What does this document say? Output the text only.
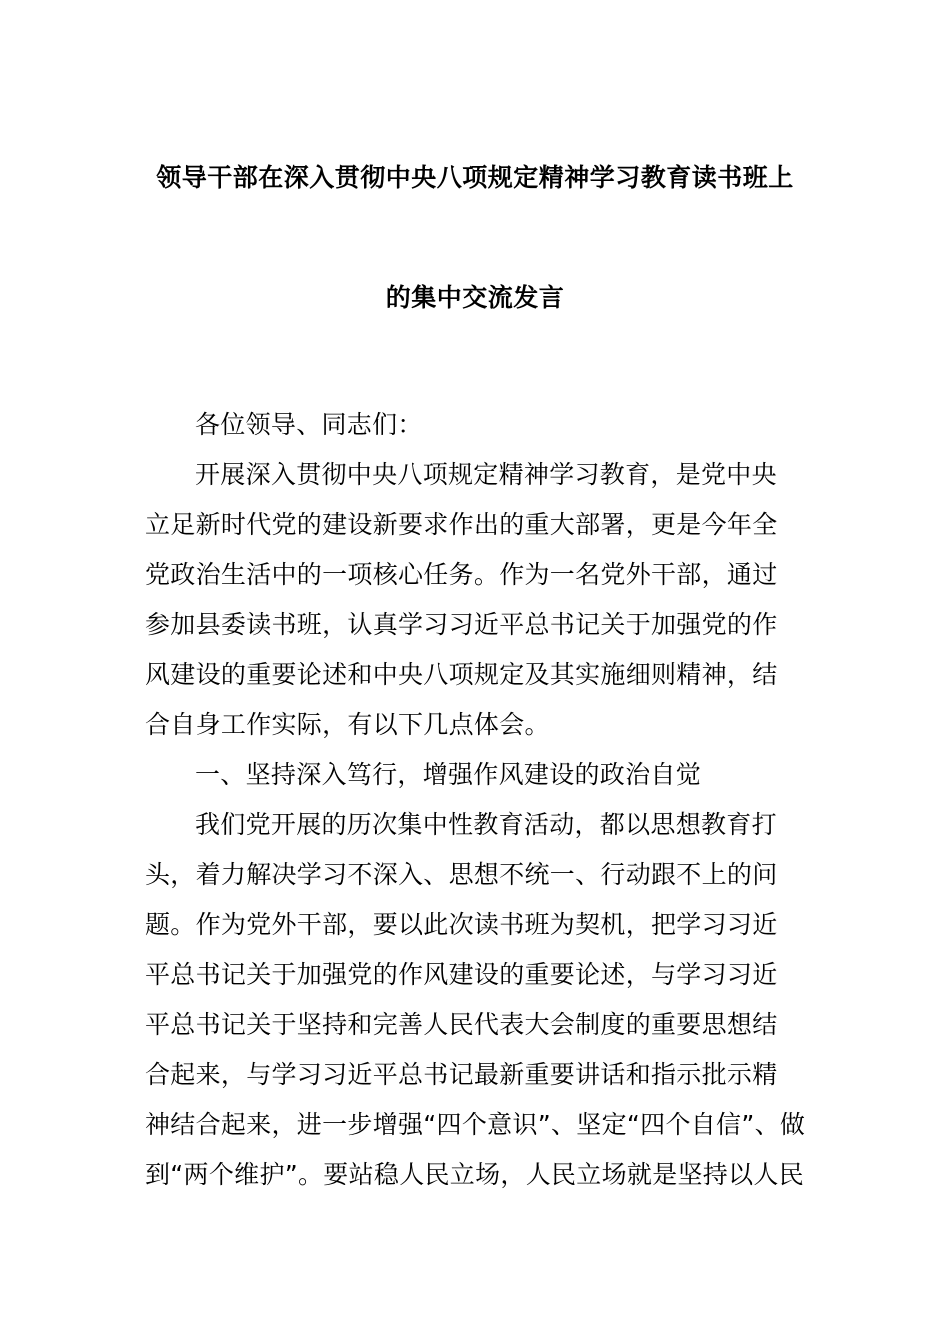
领导干部在深入贯彻中央八项规定精神学习教育读书班上
的集中交流发言
各位领导、同志们：
开展深入贯彻中央八项规定精神学习教育，是党中央
立足新时代党的建设新要求作出的重大部署，更是今年全
党政治生活中的一项核心任务。作为一名党外干部，通过
参加县委读书班，认真学习习近平总书记关于加强党的作
风建设的重要论述和中央八项规定及其实施细则精神，结
合自身工作实际，有以下几点体会。
一、坚持深入笃行，增强作风建设的政治自觉
我们党开展的历次集中性教育活动，都以思想教育打
头，着力解决学习不深入、思想不统一、行动跟不上的问
题。作为党外干部，要以此次读书班为契机，把学习习近
平总书记关于加强党的作风建设的重要论述，与学习习近
平总书记关于坚持和完善人民代表大会制度的重要思想结
合起来，与学习习近平总书记最新重要讲话和指示批示精
神结合起来，进一步增强“四个意识”、坚定“四个自信”、做
到“两个维护”。要站稳人民立场，人民立场就是坚持以人民
